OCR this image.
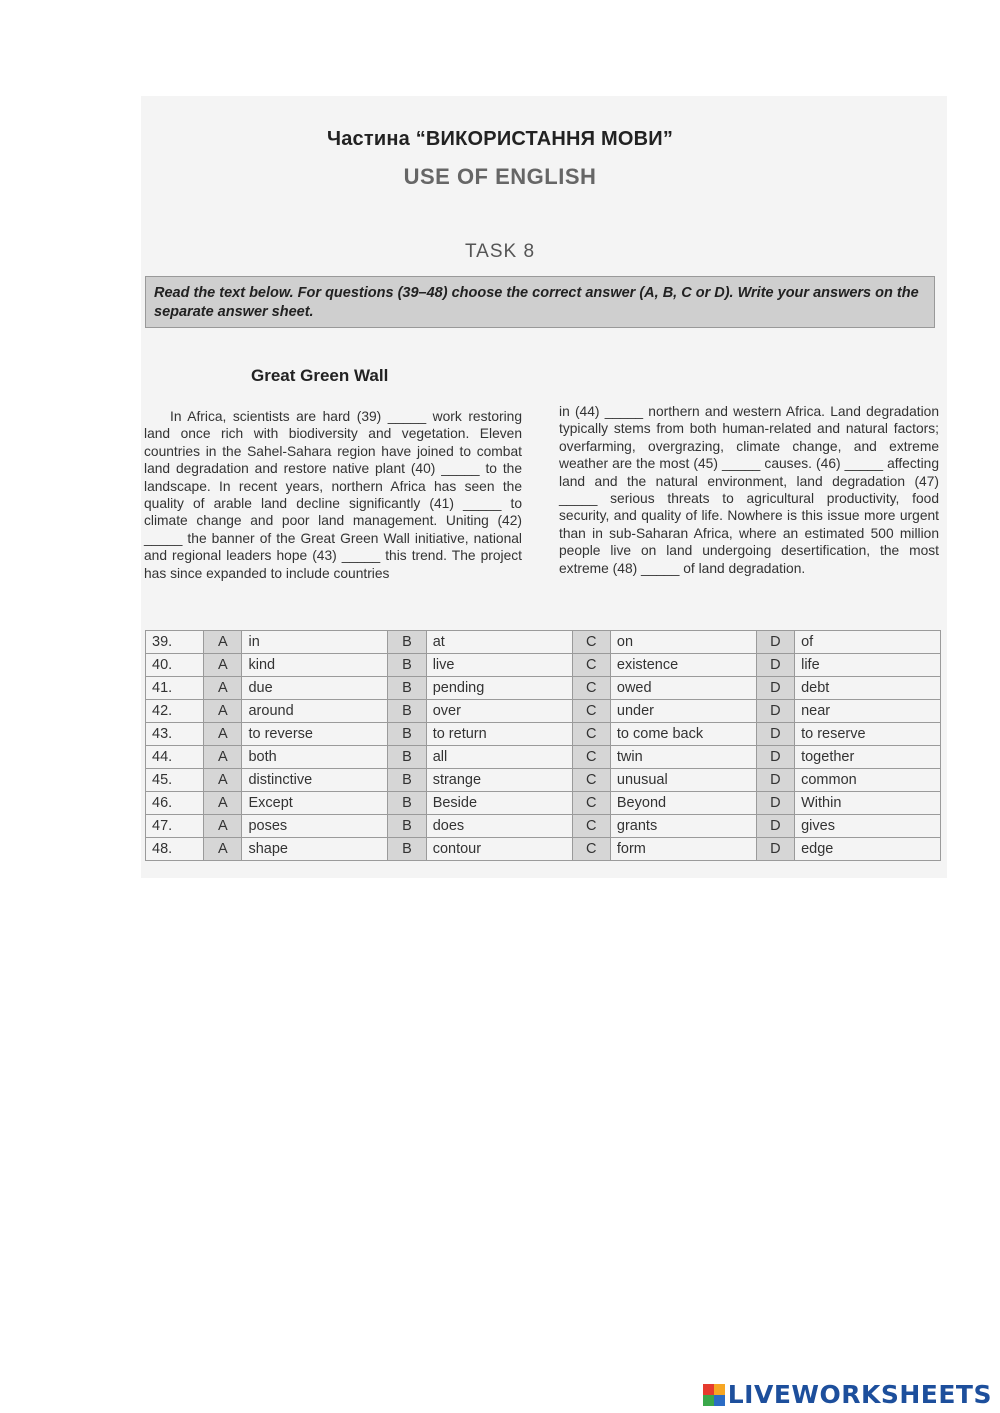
Частина “ВИКОРИСТАННЯ МОВИ”
USE OF ENGLISH
TASK 8
Read the text below. For questions (39–48) choose the correct answer (A, B, C or D). Write your answers on the separate answer sheet.
Great Green Wall

In Africa, scientists are hard (39) _____ work restoring land once rich with biodiversity and vegetation. Eleven countries in the Sahel-Sahara region have joined to combat land degradation and restore native plant (40) _____ to the landscape. In recent years, northern Africa has seen the quality of arable land decline significantly (41) _____ to climate change and poor land management. Uniting (42) _____ the banner of the Great Green Wall initiative, national and regional leaders hope (43) _____ this trend. The project has since expanded to include countries

in (44) _____ northern and western Africa. Land degradation typically stems from both human-related and natural factors; overfarming, overgrazing, climate change, and extreme weather are the most (45) _____ causes. (46) _____ affecting land and the natural environment, land degradation (47) _____ serious threats to agricultural productivity, food security, and quality of life. Nowhere is this issue more urgent than in sub-Saharan Africa, where an estimated 500 million people live on land undergoing desertification, the most extreme (48) _____ of land degradation.

39.	A	in	B	at	C	on	D	of
40.	A	kind	B	live	C	existence	D	life
41.	A	due	B	pending	C	owed	D	debt
42.	A	around	B	over	C	under	D	near
43.	A	to reverse	B	to return	C	to come back	D	to reserve
44.	A	both	B	all	C	twin	D	together
45.	A	distinctive	B	strange	C	unusual	D	common
46.	A	Except	B	Beside	C	Beyond	D	Within
47.	A	poses	B	does	C	grants	D	gives
48.	A	shape	B	contour	C	form	D	edge
LIVEWORKSHEETS
